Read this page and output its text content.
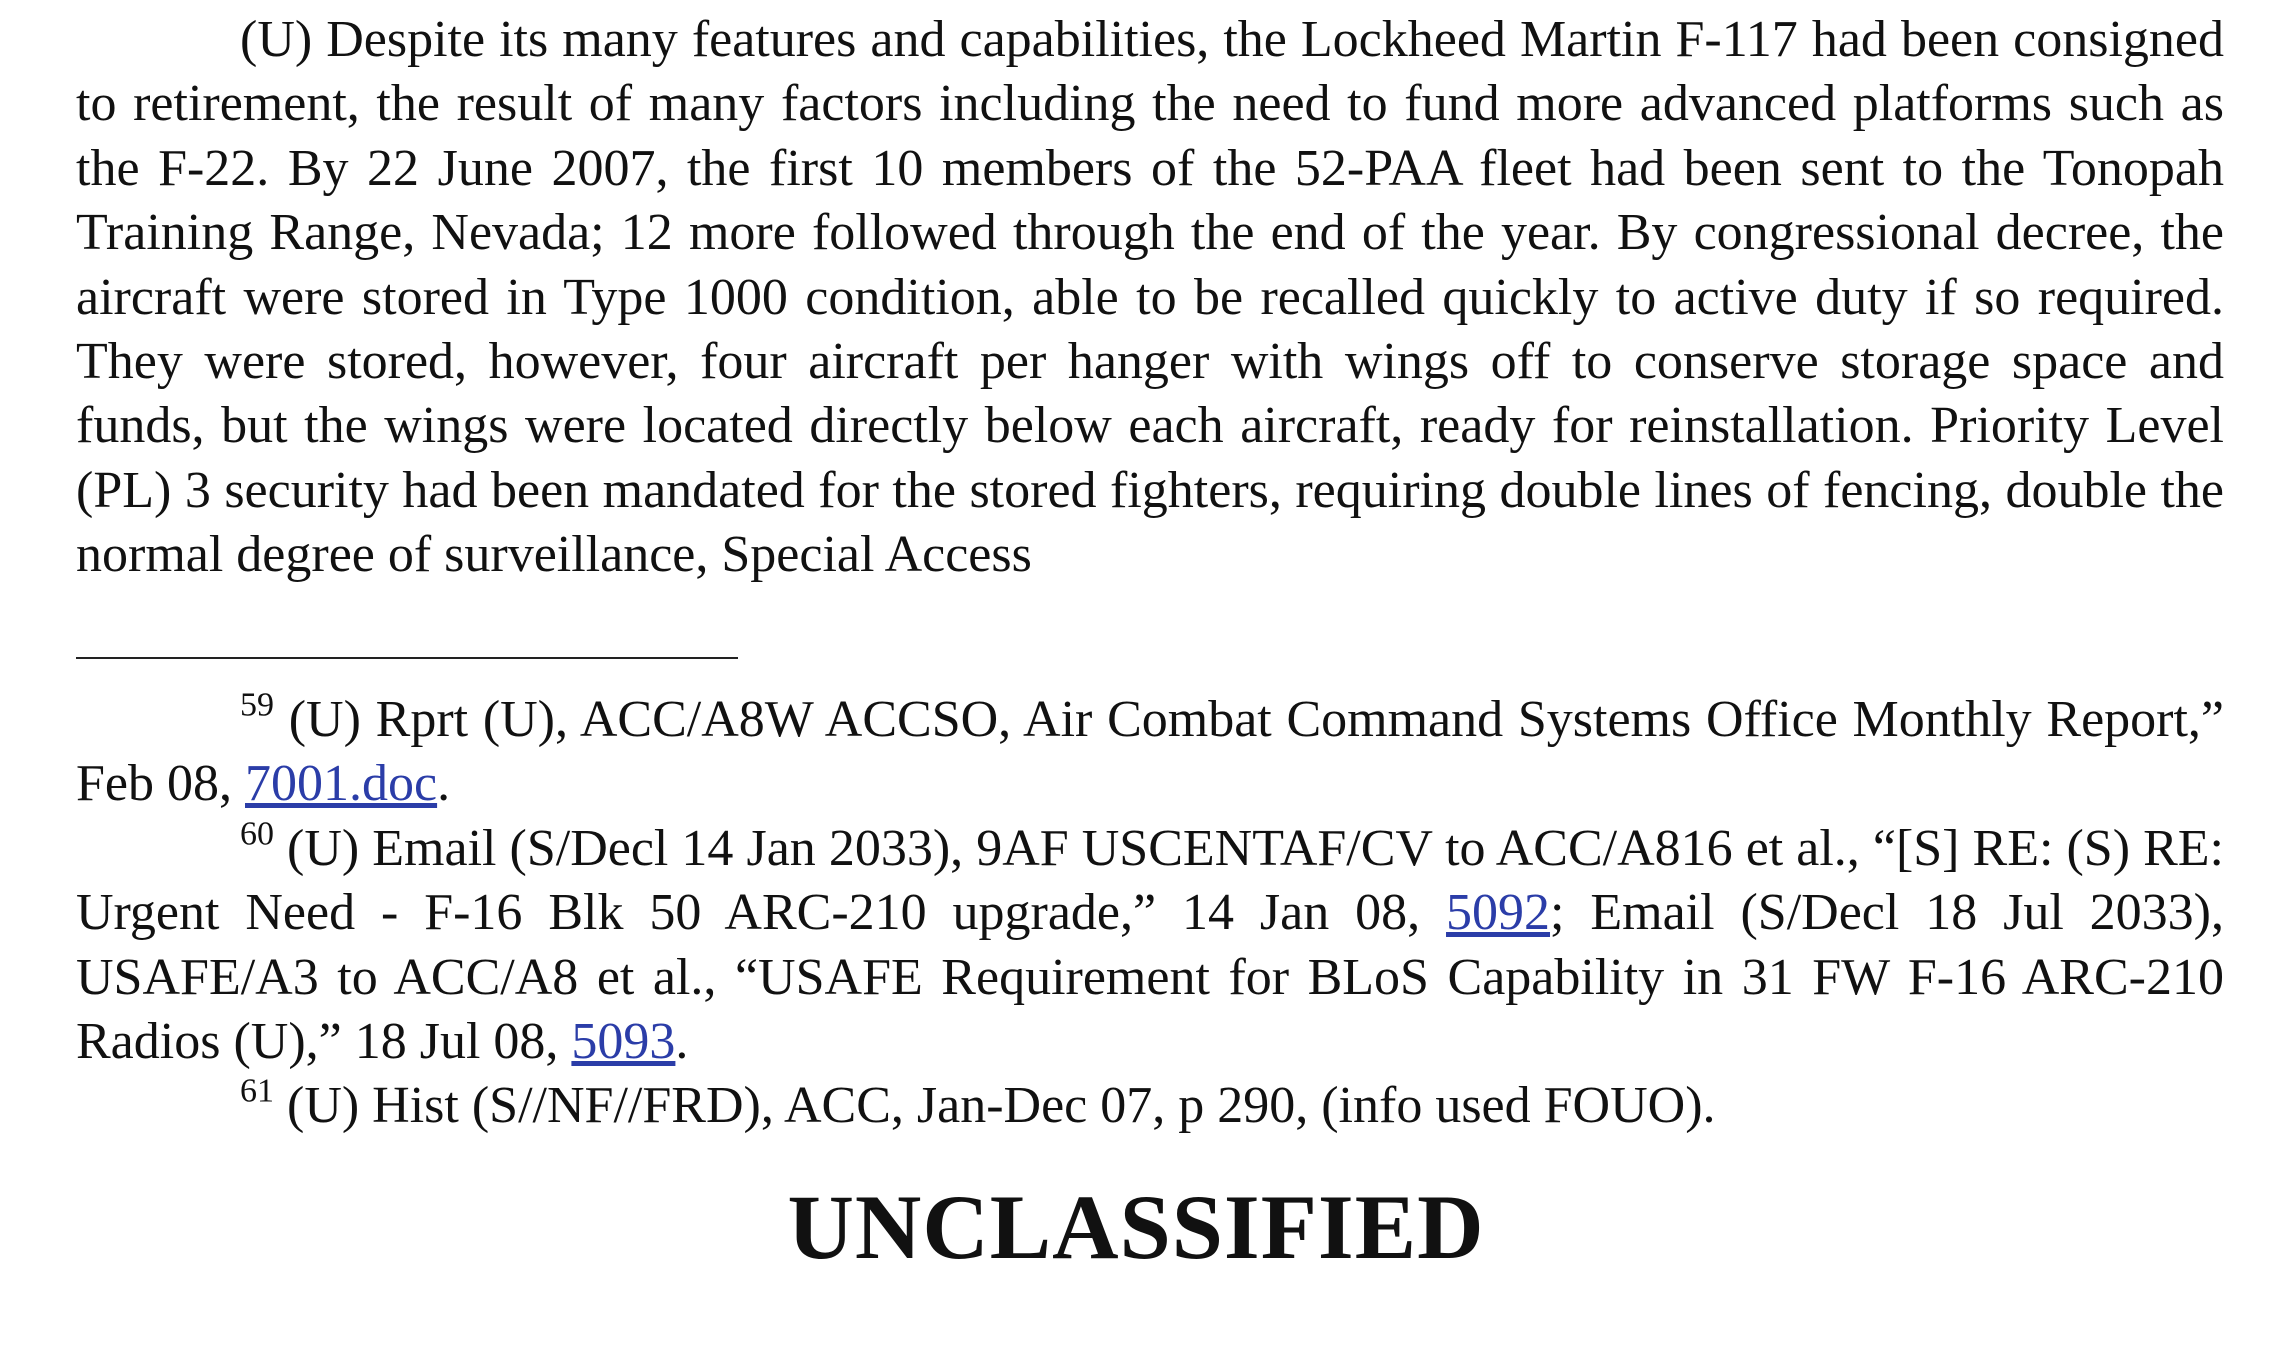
(U) Despite its many features and capabilities, the Lockheed Martin F-117 had been consigned to retirement, the result of many factors including the need to fund more advanced platforms such as the F-22. By 22 June 2007, the first 10 members of the 52-PAA fleet had been sent to the Tonopah Training Range, Nevada; 12 more followed through the end of the year. By congressional decree, the aircraft were stored in Type 1000 condition, able to be recalled quickly to active duty if so required. They were stored, however, four aircraft per hanger with wings off to conserve storage space and funds, but the wings were located directly below each aircraft, ready for reinstallation. Priority Level (PL) 3 security had been mandated for the stored fighters, requiring double lines of fencing, double the normal degree of surveillance, Special Access

$^{59}$ (U) Rprt (U), ACC/A8W ACCSO, Air Combat Command Systems Office Monthly Report,” Feb 08, 7001.doc.

$^{60}$ (U) Email (S/Decl 14 Jan 2033), 9AF USCENTAF/CV to ACC/A816 et al., “[S] RE: (S) RE: Urgent Need - F-16 Blk 50 ARC-210 upgrade,” 14 Jan 08, 5092; Email (S/Decl 18 Jul 2033), USAFE/A3 to ACC/A8 et al., “USAFE Requirement for BLoS Capability in 31 FW F-16 ARC-210 Radios (U),” 18 Jul 08, 5093.

$^{61}$ (U) Hist (S//NF//FRD), ACC, Jan-Dec 07, p 290, (info used FOUO).

UNCLASSIFIED
